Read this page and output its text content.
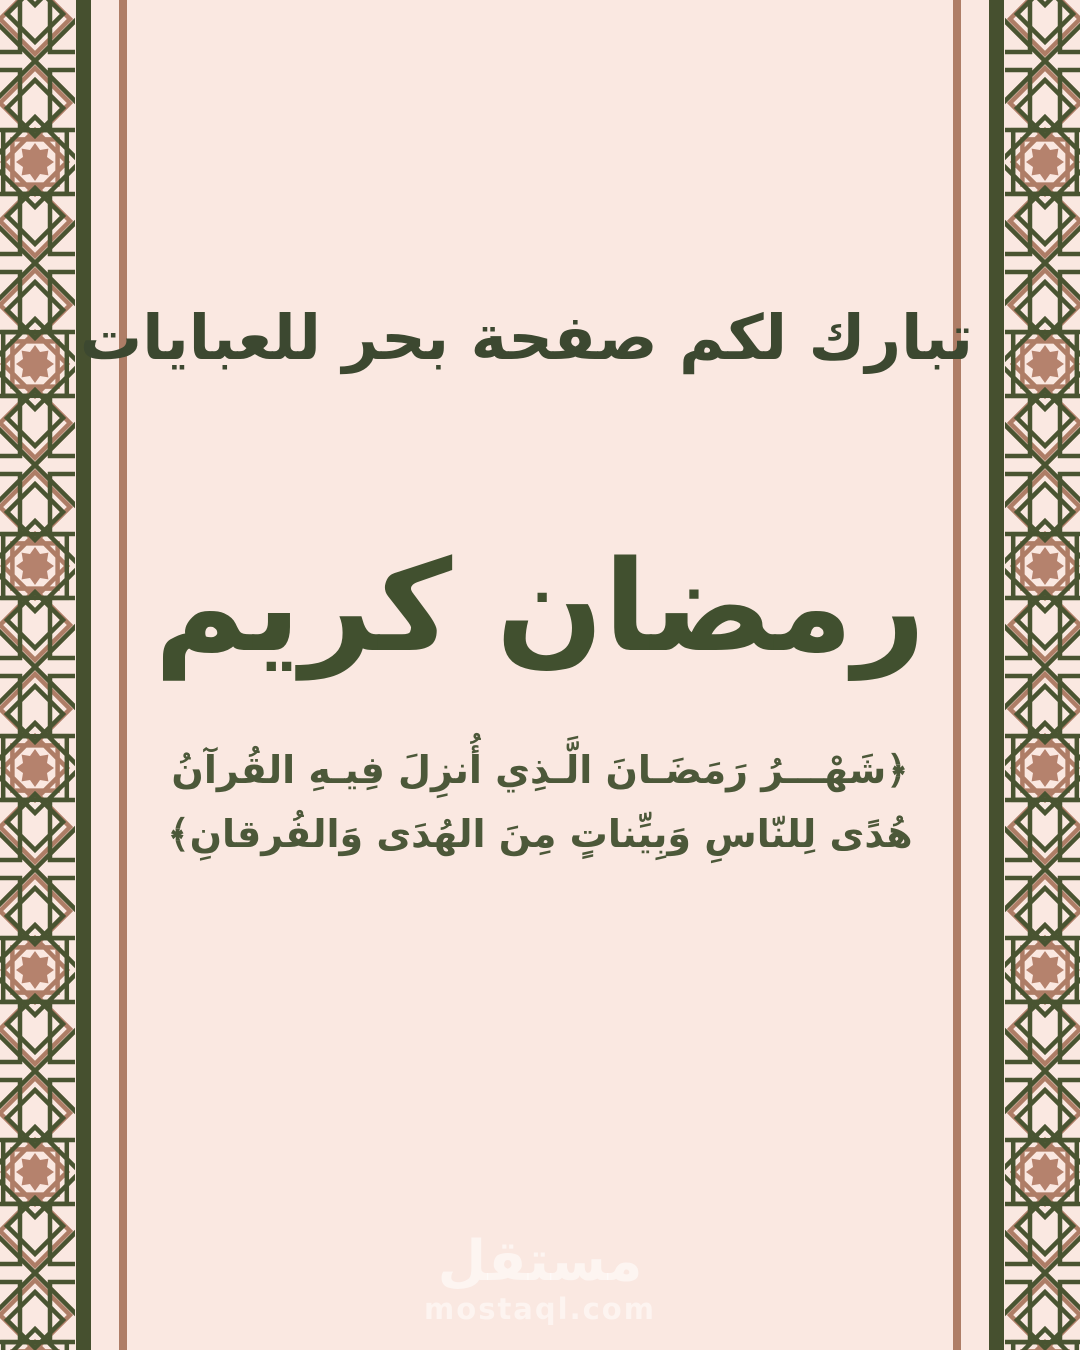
تبارك لكم صفحة بحر للعبايات
رمضان كريم
﴿شَهْـــرُ رَمَضَـانَ الَّـذِي أُنزِلَ فِيـهِ القُرآنُ
هُدًى لِلنّاسِ وَبِيِّناتٍ مِنَ الهُدَى وَالفُرقانِ﴾
مستقل
mostaql.com
